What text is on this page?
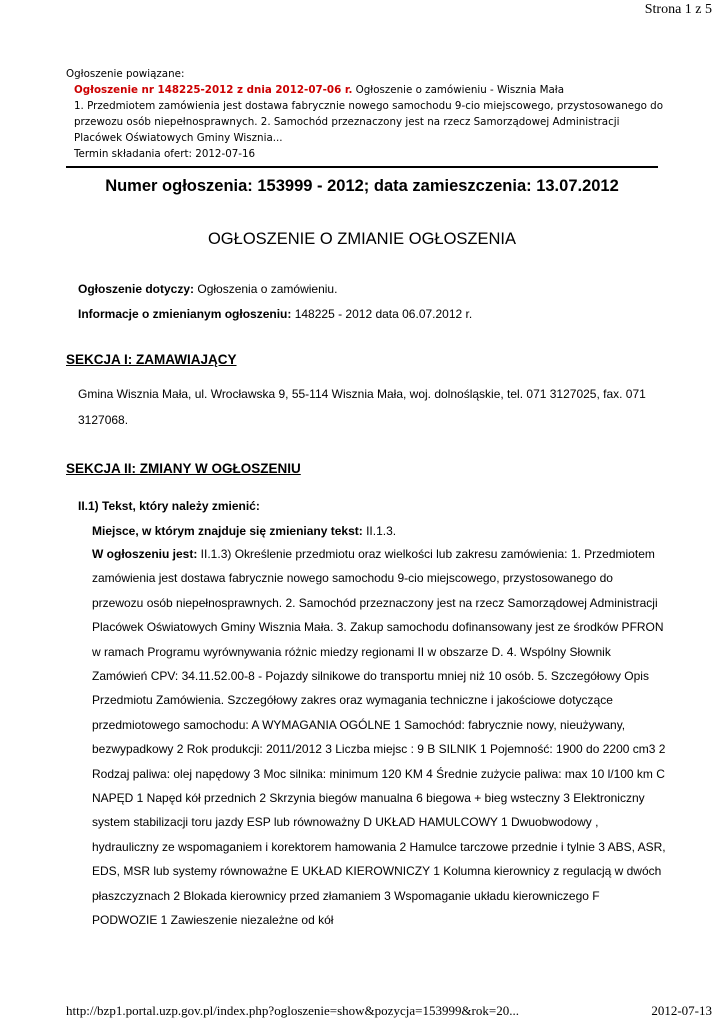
Strona 1 z 5
Ogłoszenie powiązane:
Ogłoszenie nr 148225-2012 z dnia 2012-07-06 r. Ogłoszenie o zamówieniu - Wisznia Mała
1. Przedmiotem zamówienia jest dostawa fabrycznie nowego samochodu 9-cio miejscowego, przystosowanego do przewozu osób niepełnosprawnych. 2. Samochód przeznaczony jest na rzecz Samorządowej Administracji Placówek Oświatowych Gminy Wisznia...
Termin składania ofert: 2012-07-16
Numer ogłoszenia: 153999 - 2012; data zamieszczenia: 13.07.2012
OGŁOSZENIE O ZMIANIE OGŁOSZENIA
Ogłoszenie dotyczy: Ogłoszenia o zamówieniu.
Informacje o zmienianym ogłoszeniu: 148225 - 2012 data 06.07.2012 r.
SEKCJA I: ZAMAWIAJĄCY
Gmina Wisznia Mała, ul. Wrocławska 9, 55-114 Wisznia Mała, woj. dolnośląskie, tel. 071 3127025, fax. 071 3127068.
SEKCJA II: ZMIANY W OGŁOSZENIU
II.1) Tekst, który należy zmienić:
Miejsce, w którym znajduje się zmieniany tekst: II.1.3.
W ogłoszeniu jest: II.1.3) Określenie przedmiotu oraz wielkości lub zakresu zamówienia: 1. Przedmiotem zamówienia jest dostawa fabrycznie nowego samochodu 9-cio miejscowego, przystosowanego do przewozu osób niepełnosprawnych. 2. Samochód przeznaczony jest na rzecz Samorządowej Administracji Placówek Oświatowych Gminy Wisznia Mała. 3. Zakup samochodu dofinansowany jest ze środków PFRON w ramach Programu wyrównywania różnic miedzy regionami II w obszarze D. 4. Wspólny Słownik Zamówień CPV: 34.11.52.00-8 - Pojazdy silnikowe do transportu mniej niż 10 osób. 5. Szczegółowy Opis Przedmiotu Zamówienia. Szczegółowy zakres oraz wymagania techniczne i jakościowe dotyczące przedmiotowego samochodu: A WYMAGANIA OGÓLNE 1 Samochód: fabrycznie nowy, nieużywany, bezwypadkowy 2 Rok produkcji: 2011/2012 3 Liczba miejsc : 9 B SILNIK 1 Pojemność: 1900 do 2200 cm3 2 Rodzaj paliwa: olej napędowy 3 Moc silnika: minimum 120 KM 4 Średnie zużycie paliwa: max 10 l/100 km C NAPĘD 1 Napęd kół przednich 2 Skrzynia biegów manualna 6 biegowa + bieg wsteczny 3 Elektroniczny system stabilizacji toru jazdy ESP lub równoważny D UKŁAD HAMULCOWY 1 Dwuobwodowy , hydrauliczny ze wspomaganiem i korektorem hamowania 2 Hamulce tarczowe przednie i tylnie 3 ABS, ASR, EDS, MSR lub systemy równoważne E UKŁAD KIEROWNICZY 1 Kolumna kierownicy z regulacją w dwóch płaszczyznach 2 Blokada kierownicy przed złamaniem 3 Wspomaganie układu kierowniczego F PODWOZIE 1 Zawieszenie niezależne od kół
http://bzp1.portal.uzp.gov.pl/index.php?ogloszenie=show&pozycja=153999&rok=20...	2012-07-13
